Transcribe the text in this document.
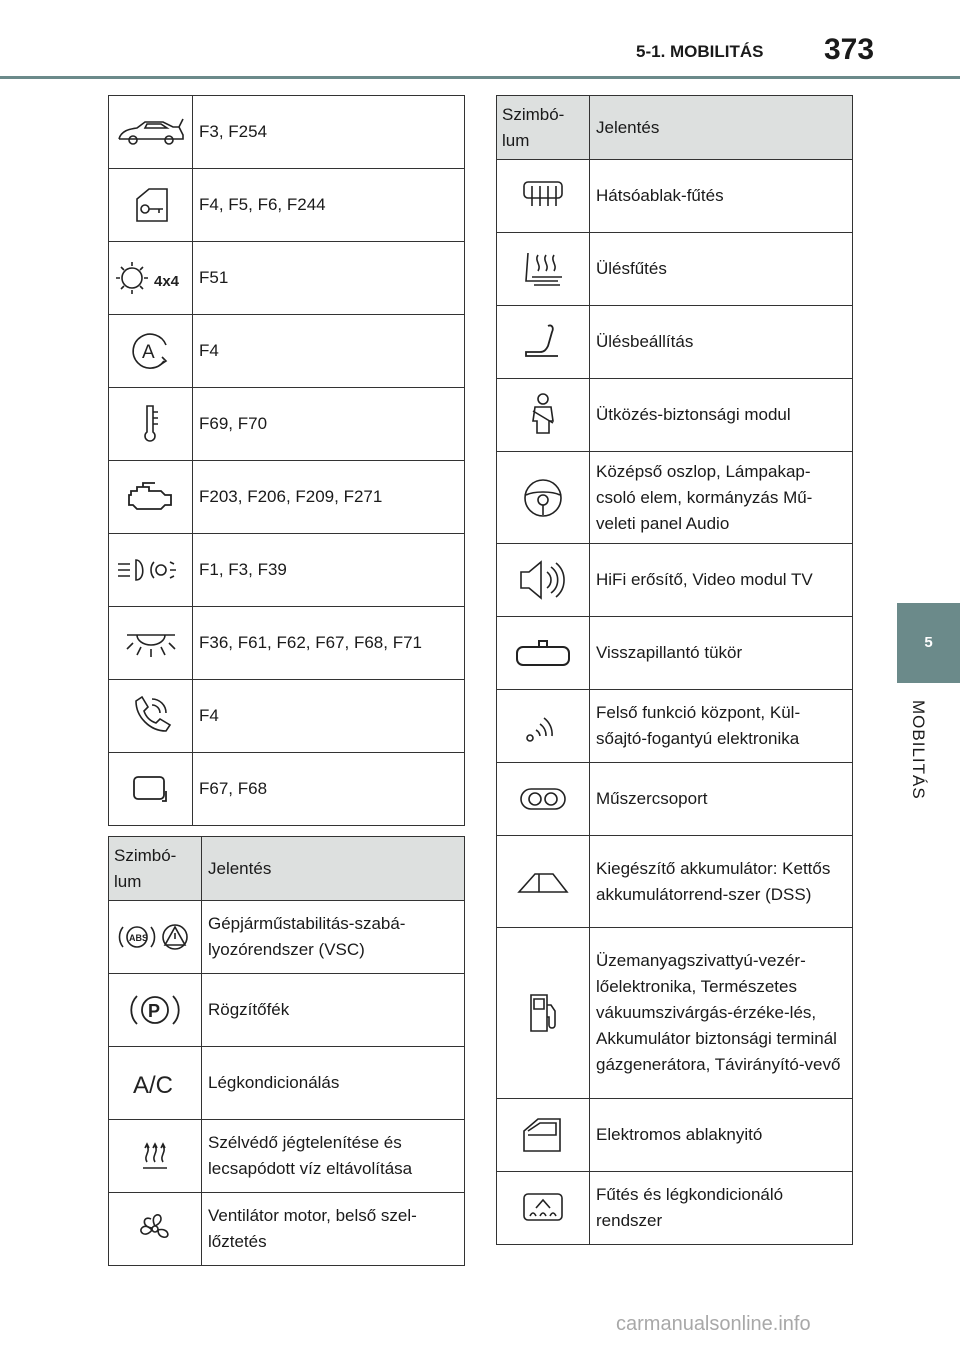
5-1. MOBILITÁS 373
5
MOBILITÁS
	F3, F254

	F4, F5, F6, F244

4x4	F51

A	F4

	F69, F70

	F203, F206, F209, F271

	F1, F3, F39

	F36, F61, F62, F67, F68, F71

	F4

	F67, F68
Szimbó-lum	Jelentés

ABS	Gépjárműstabilitás-szabá-lyozórendszer (VSC)

P	Rögzítőfék

A/C	Légkondicionálás

	Szélvédő jégtelenítése és lecsapódott víz eltávolítása

	Ventilátor motor, belső szel-lőztetés
Szimbó-lum	Jelentés

	Hátsóablak-fűtés

	Ülésfűtés

	Ülésbeállítás

	Ütközés-biztonsági modul

	Középső oszlop, Lámpakap-csoló elem, kormányzás Mű-veleti panel Audio

	HiFi erősítő, Video modul TV

	Visszapillantó tükör

	Felső funkció központ, Kül-sőajtó-fogantyú elektronika

	Műszercsoport

	Kiegészítő akkumulátor: Kettős akkumulátorrend-szer (DSS)

	Üzemanyagszivattyú-vezér-lőelektronika, Természetes vákuumszivárgás-érzéke-lés, Akkumulátor biztonsági terminál gázgenerátora, Távirányító-vevő

	Elektromos ablaknyitó

	Fűtés és légkondicionáló rendszer
carmanualsonline.info
